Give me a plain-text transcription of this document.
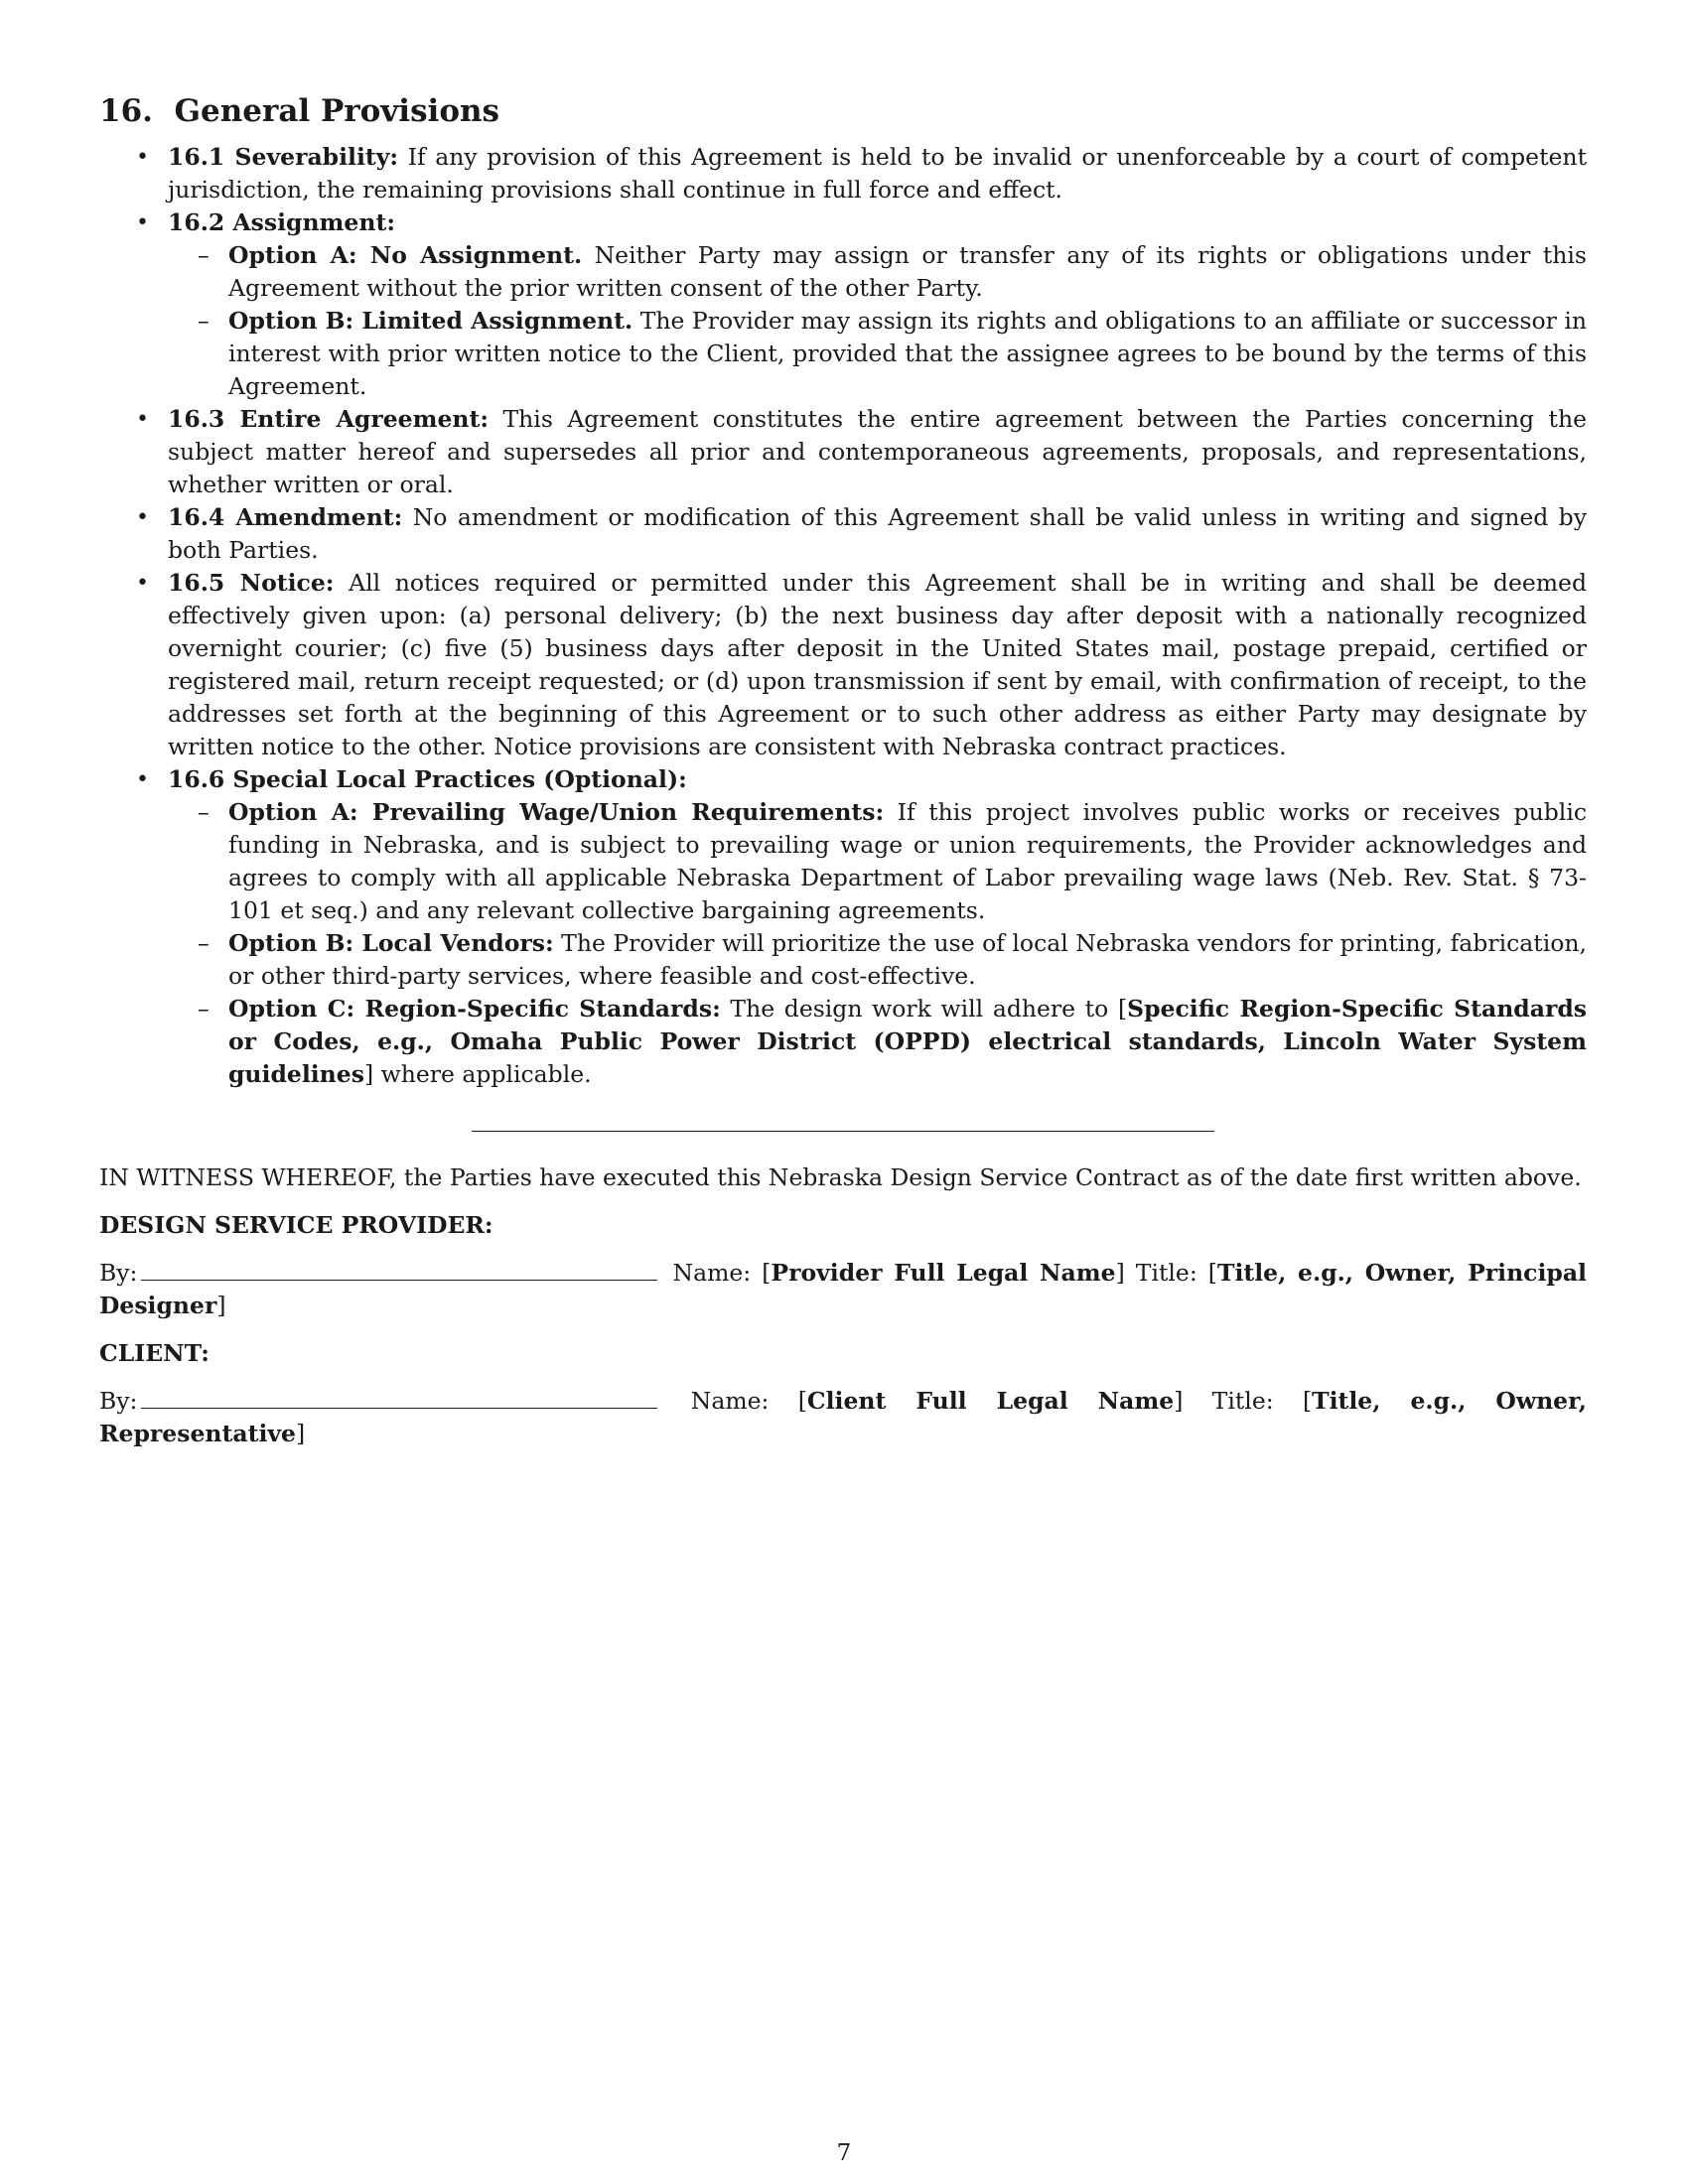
16. General Provisions
• 16.1 Severability: If any provision of this Agreement is held to be invalid or unenforceable by a court of competent jurisdiction, the remaining provisions shall continue in full force and effect.
• 16.2 Assignment:
– Option A: No Assignment. Neither Party may assign or transfer any of its rights or obligations under this Agreement without the prior written consent of the other Party.
– Option B: Limited Assignment. The Provider may assign its rights and obligations to an affiliate or successor in interest with prior written notice to the Client, provided that the assignee agrees to be bound by the terms of this Agreement.
• 16.3 Entire Agreement: This Agreement constitutes the entire agreement between the Parties concerning the subject matter hereof and supersedes all prior and contemporaneous agreements, proposals, and representations, whether written or oral.
• 16.4 Amendment: No amendment or modification of this Agreement shall be valid unless in writing and signed by both Parties.
• 16.5 Notice: All notices required or permitted under this Agreement shall be in writing and shall be deemed effectively given upon: (a) personal delivery; (b) the next business day after deposit with a nationally recognized overnight courier; (c) five (5) business days after deposit in the United States mail, postage prepaid, certified or registered mail, return receipt requested; or (d) upon transmission if sent by email, with confirmation of receipt, to the addresses set forth at the beginning of this Agreement or to such other address as either Party may designate by written notice to the other. Notice provisions are consistent with Nebraska contract practices.
• 16.6 Special Local Practices (Optional):
– Option A: Prevailing Wage/Union Requirements: If this project involves public works or receives public funding in Nebraska, and is subject to prevailing wage or union requirements, the Provider acknowledges and agrees to comply with all applicable Nebraska Department of Labor prevailing wage laws (Neb. Rev. Stat. § 73-101 et seq.) and any relevant collective bargaining agreements.
– Option B: Local Vendors: The Provider will prioritize the use of local Nebraska vendors for printing, fabrication, or other third-party services, where feasible and cost-effective.
– Option C: Region-Specific Standards: The design work will adhere to [Specific Region-Specific Standards or Codes, e.g., Omaha Public Power District (OPPD) electrical standards, Lincoln Water System guidelines] where applicable.

IN WITNESS WHEREOF, the Parties have executed this Nebraska Design Service Contract as of the date first written above.

DESIGN SERVICE PROVIDER:

By:	Name: [Provider Full Legal Name] Title: [Title, e.g., Owner, Principal Designer]

CLIENT:

By:	Name: [Client Full Legal Name] Title: [Title, e.g., Owner, Representative]

7
